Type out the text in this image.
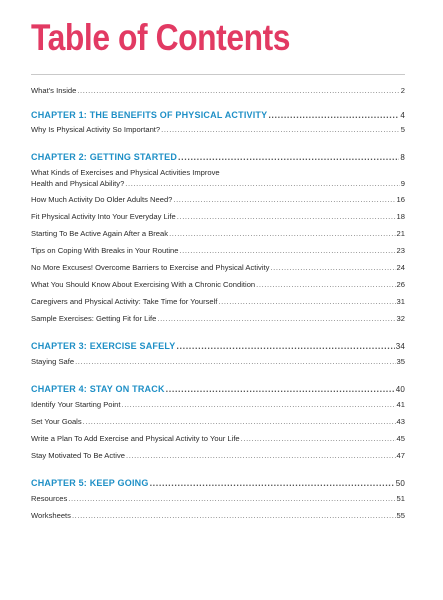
Table of Contents
What's Inside .....	2
CHAPTER 1: THE BENEFITS OF PHYSICAL ACTIVITY .....	4
Why Is Physical Activity So Important? .....	5
CHAPTER 2: GETTING STARTED .....	8
What Kinds of Exercises and Physical Activities Improve
Health and Physical Ability? .....	9
How Much Activity Do Older Adults Need? .....	16
Fit Physical Activity Into Your Everyday Life .....	18
Starting To Be Active Again After a Break .....	21
Tips on Coping With Breaks in Your Routine .....	23
No More Excuses! Overcome Barriers to Exercise and Physical Activity .....	24
What You Should Know About Exercising With a Chronic Condition .....	26
Caregivers and Physical Activity: Take Time for Yourself .....	31
Sample Exercises: Getting Fit for Life .....	32
CHAPTER 3: EXERCISE SAFELY .....	34
Staying Safe .....	35
CHAPTER 4: STAY ON TRACK .....	40
Identify Your Starting Point .....	41
Set Your Goals .....	43
Write a Plan To Add Exercise and Physical Activity to Your Life .....	45
Stay Motivated To Be Active .....	47
CHAPTER 5: KEEP GOING .....	50
Resources .....	51
Worksheets .....	55
